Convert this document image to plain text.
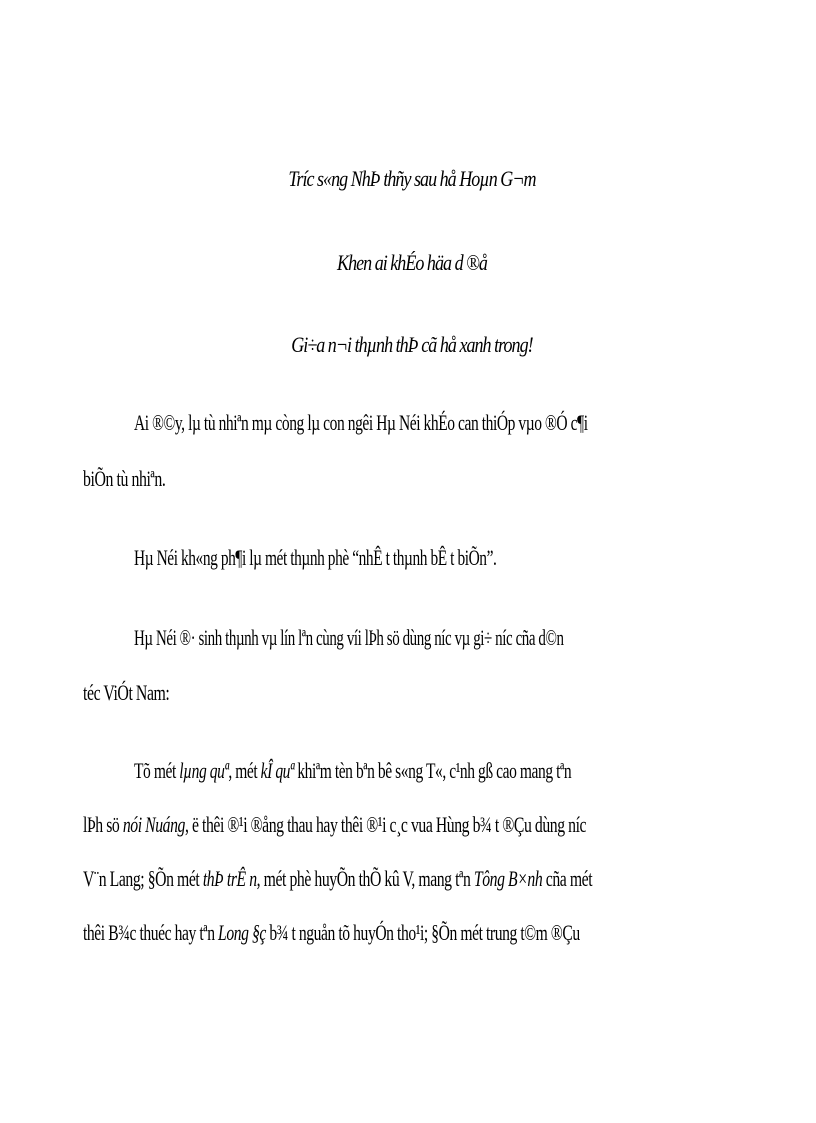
Tríc s«ng NhÞ thñy sau hå Hoµn G¬m
Khen ai khÉo häa d ®å
Gi÷a n¬i thµnh thÞ cã hå xanh trong!
Ai ®©y, lµ tù nhiªn mµ còng lµ con ngêi Hµ Néi khÉo can thiÓp vµo ®Ó c¶i
biÕn tù nhiªn.
Hµ Néi kh«ng ph¶i lµ mét thµnh phè “nhÊ t thµnh bÊ t biÕn”.
Hµ Néi ®· sinh thµnh vµ lín lªn cùng víi lÞh sö dùng níc vµ gi÷ níc cña d©n
téc ViÓt Nam:
Tõ mét lµng quª, mét kÎ quª khiªm tèn bªn bê s«ng T«, c¹nh gß cao mang tªn
lÞh sö nói Nuáng, ë thêi ®¹i ®ång thau hay thêi ®¹i c¸c vua Hùng b¾ t ®Çu dùng níc
V¨n Lang; §Õn mét thÞ trÊ n, mét phè huyÕn thÕ kû V, mang tªn Tông B×nh cña mét
thêi B¾c thuéc hay tªn Long §ç b¾ t nguån tõ huyÓn tho¹i; §Õn mét trung t©m ®Çu
